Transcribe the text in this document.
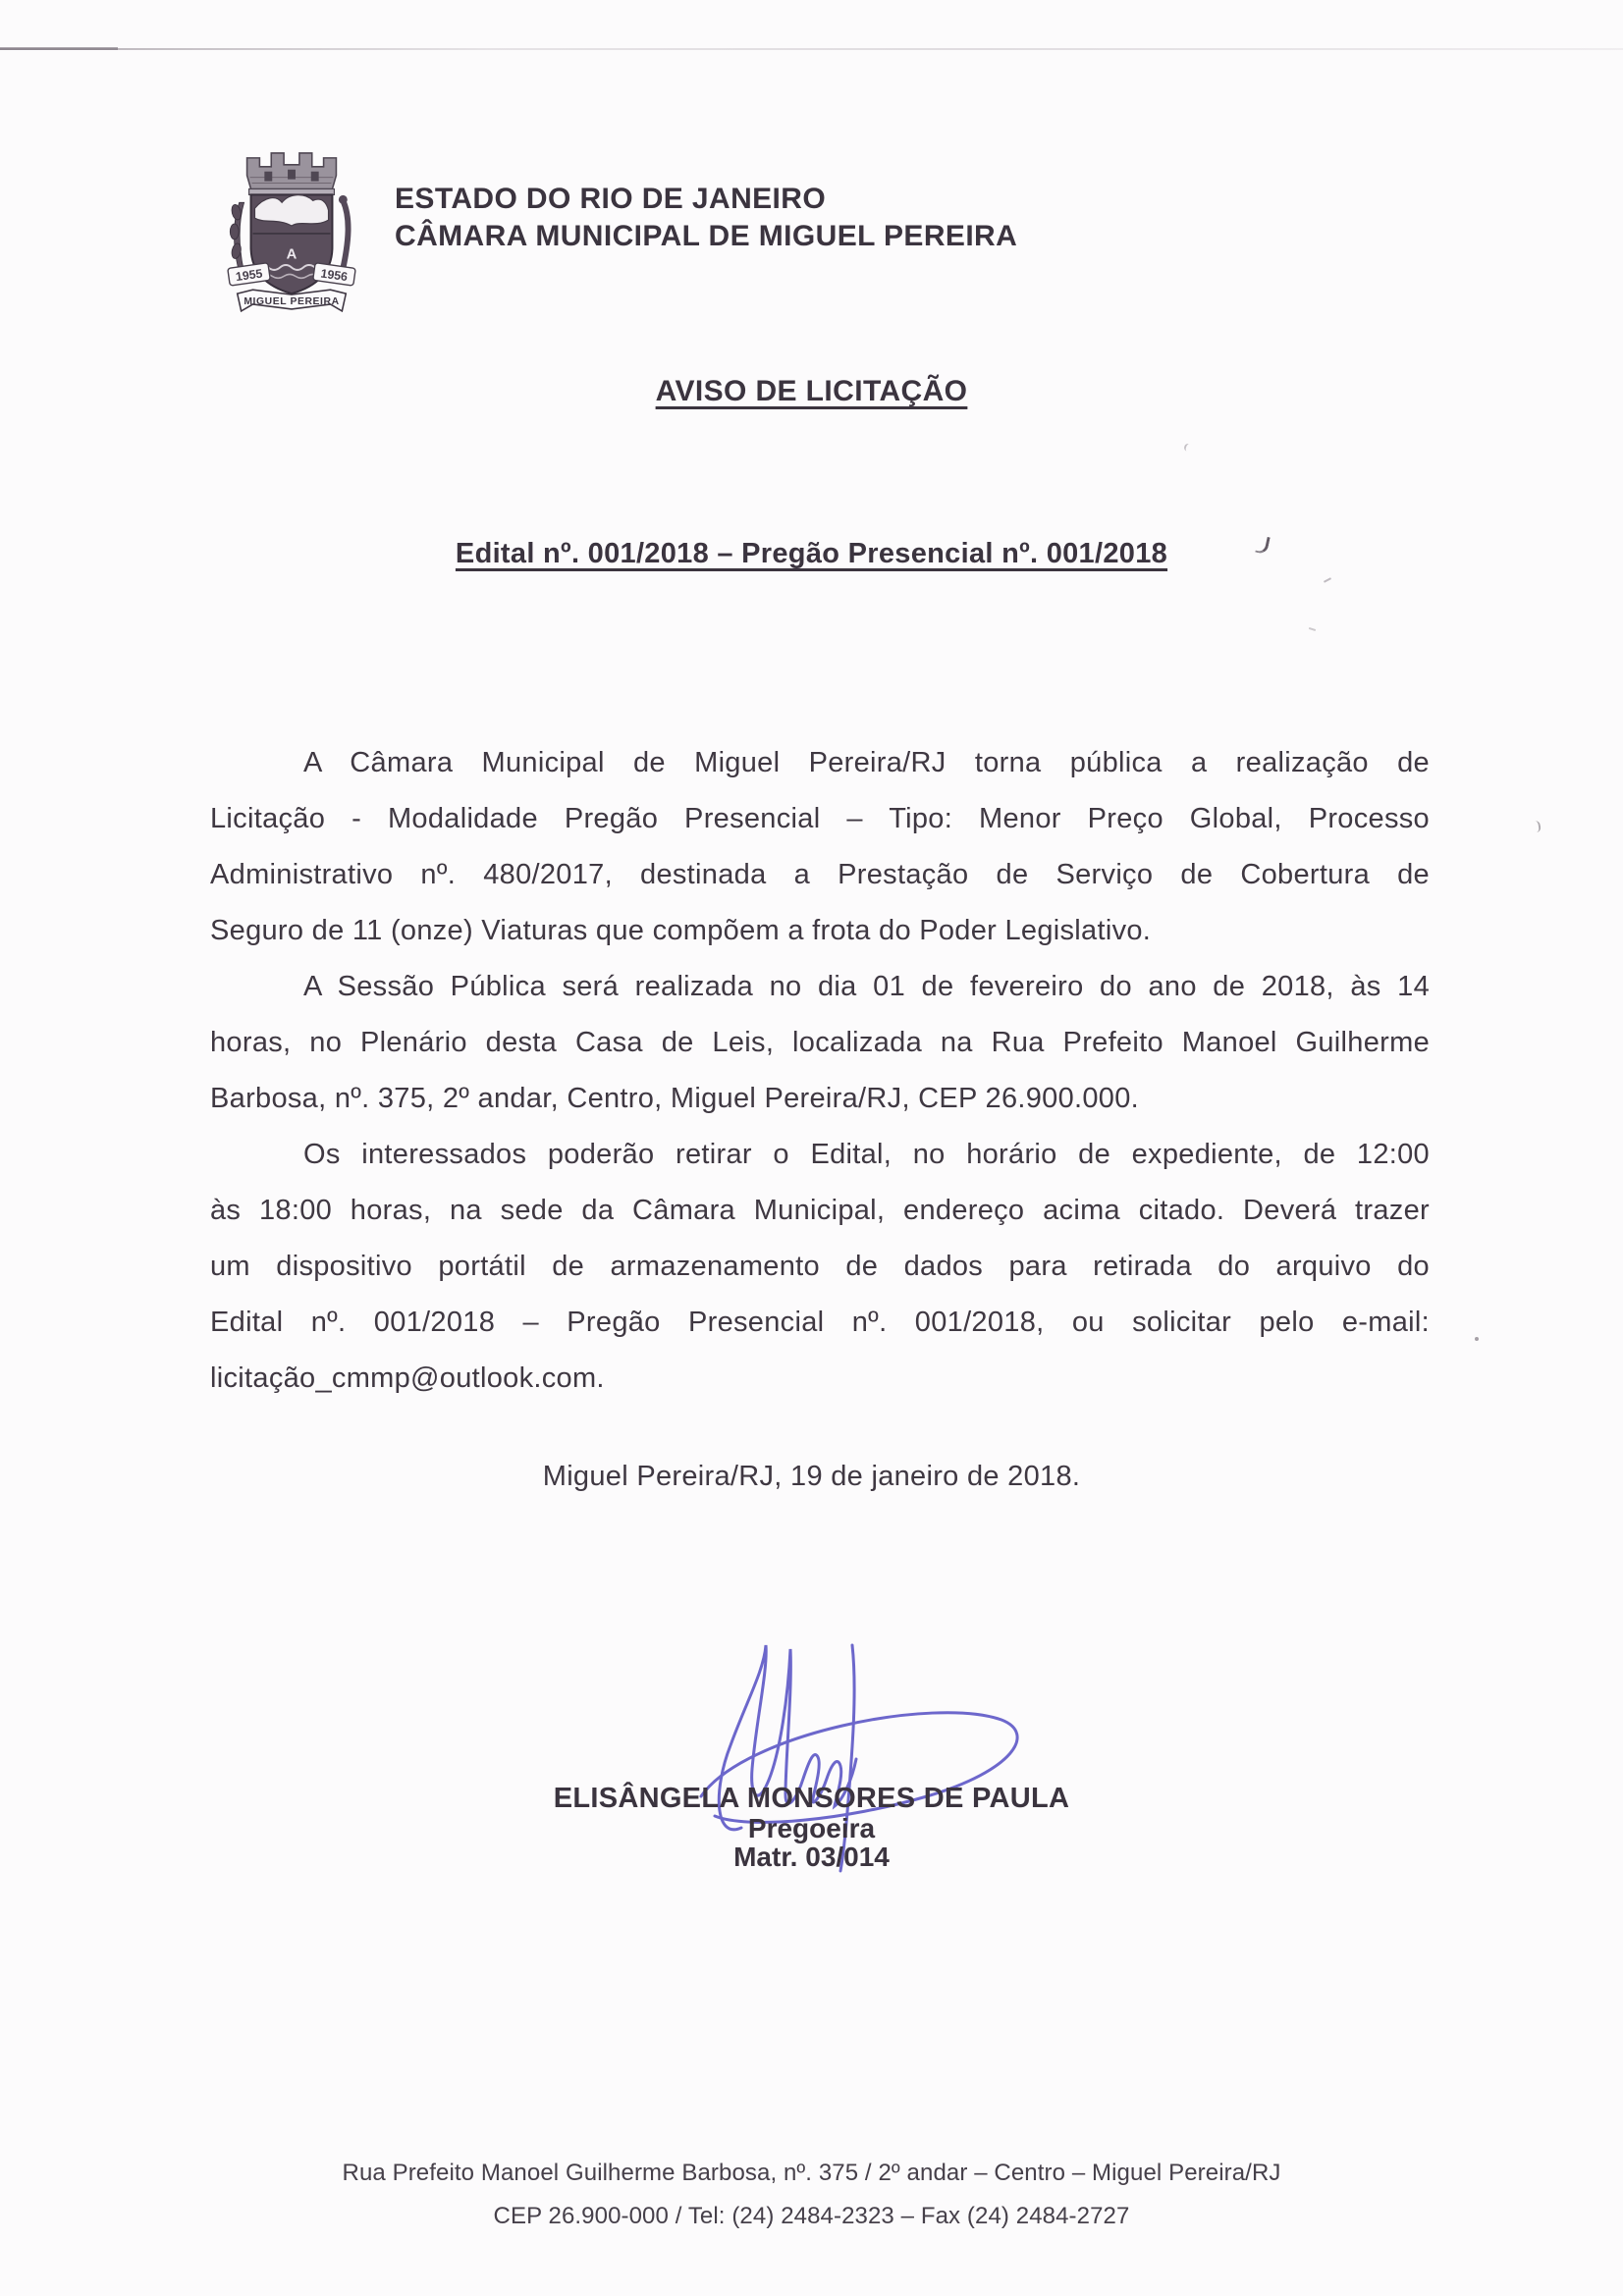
A
1955	1956
MIGUEL PEREIRA
ESTADO DO RIO DE JANEIRO
CÂMARA MUNICIPAL DE MIGUEL PEREIRA
AVISO DE LICITAÇÃO
Edital nº. 001/2018 – Pregão Presencial nº. 001/2018
A Câmara Municipal de Miguel Pereira/RJ torna pública a realização de
Licitação - Modalidade Pregão Presencial – Tipo: Menor Preço Global, Processo
Administrativo nº. 480/2017, destinada a Prestação de Serviço de Cobertura de
Seguro de 11 (onze) Viaturas que compõem a frota do Poder Legislativo.
A Sessão Pública será realizada no dia 01 de fevereiro do ano de 2018, às 14
horas, no Plenário desta Casa de Leis, localizada na Rua Prefeito Manoel Guilherme
Barbosa, nº. 375, 2º andar, Centro, Miguel Pereira/RJ, CEP 26.900.000.
Os interessados poderão retirar o Edital, no horário de expediente, de 12:00
às 18:00 horas, na sede da Câmara Municipal, endereço acima citado. Deverá trazer
um dispositivo portátil de armazenamento de dados para retirada do arquivo do
Edital nº. 001/2018 – Pregão Presencial nº. 001/2018, ou solicitar pelo e-mail:
licitação_cmmp@outlook.com.
Miguel Pereira/RJ, 19 de janeiro de 2018.
ELISÂNGELA MONSORES DE PAULA
Pregoeira
Matr. 03/014
Rua Prefeito Manoel Guilherme Barbosa, nº. 375 / 2º andar – Centro – Miguel Pereira/RJ
CEP 26.900-000 / Tel: (24) 2484-2323 – Fax (24) 2484-2727
